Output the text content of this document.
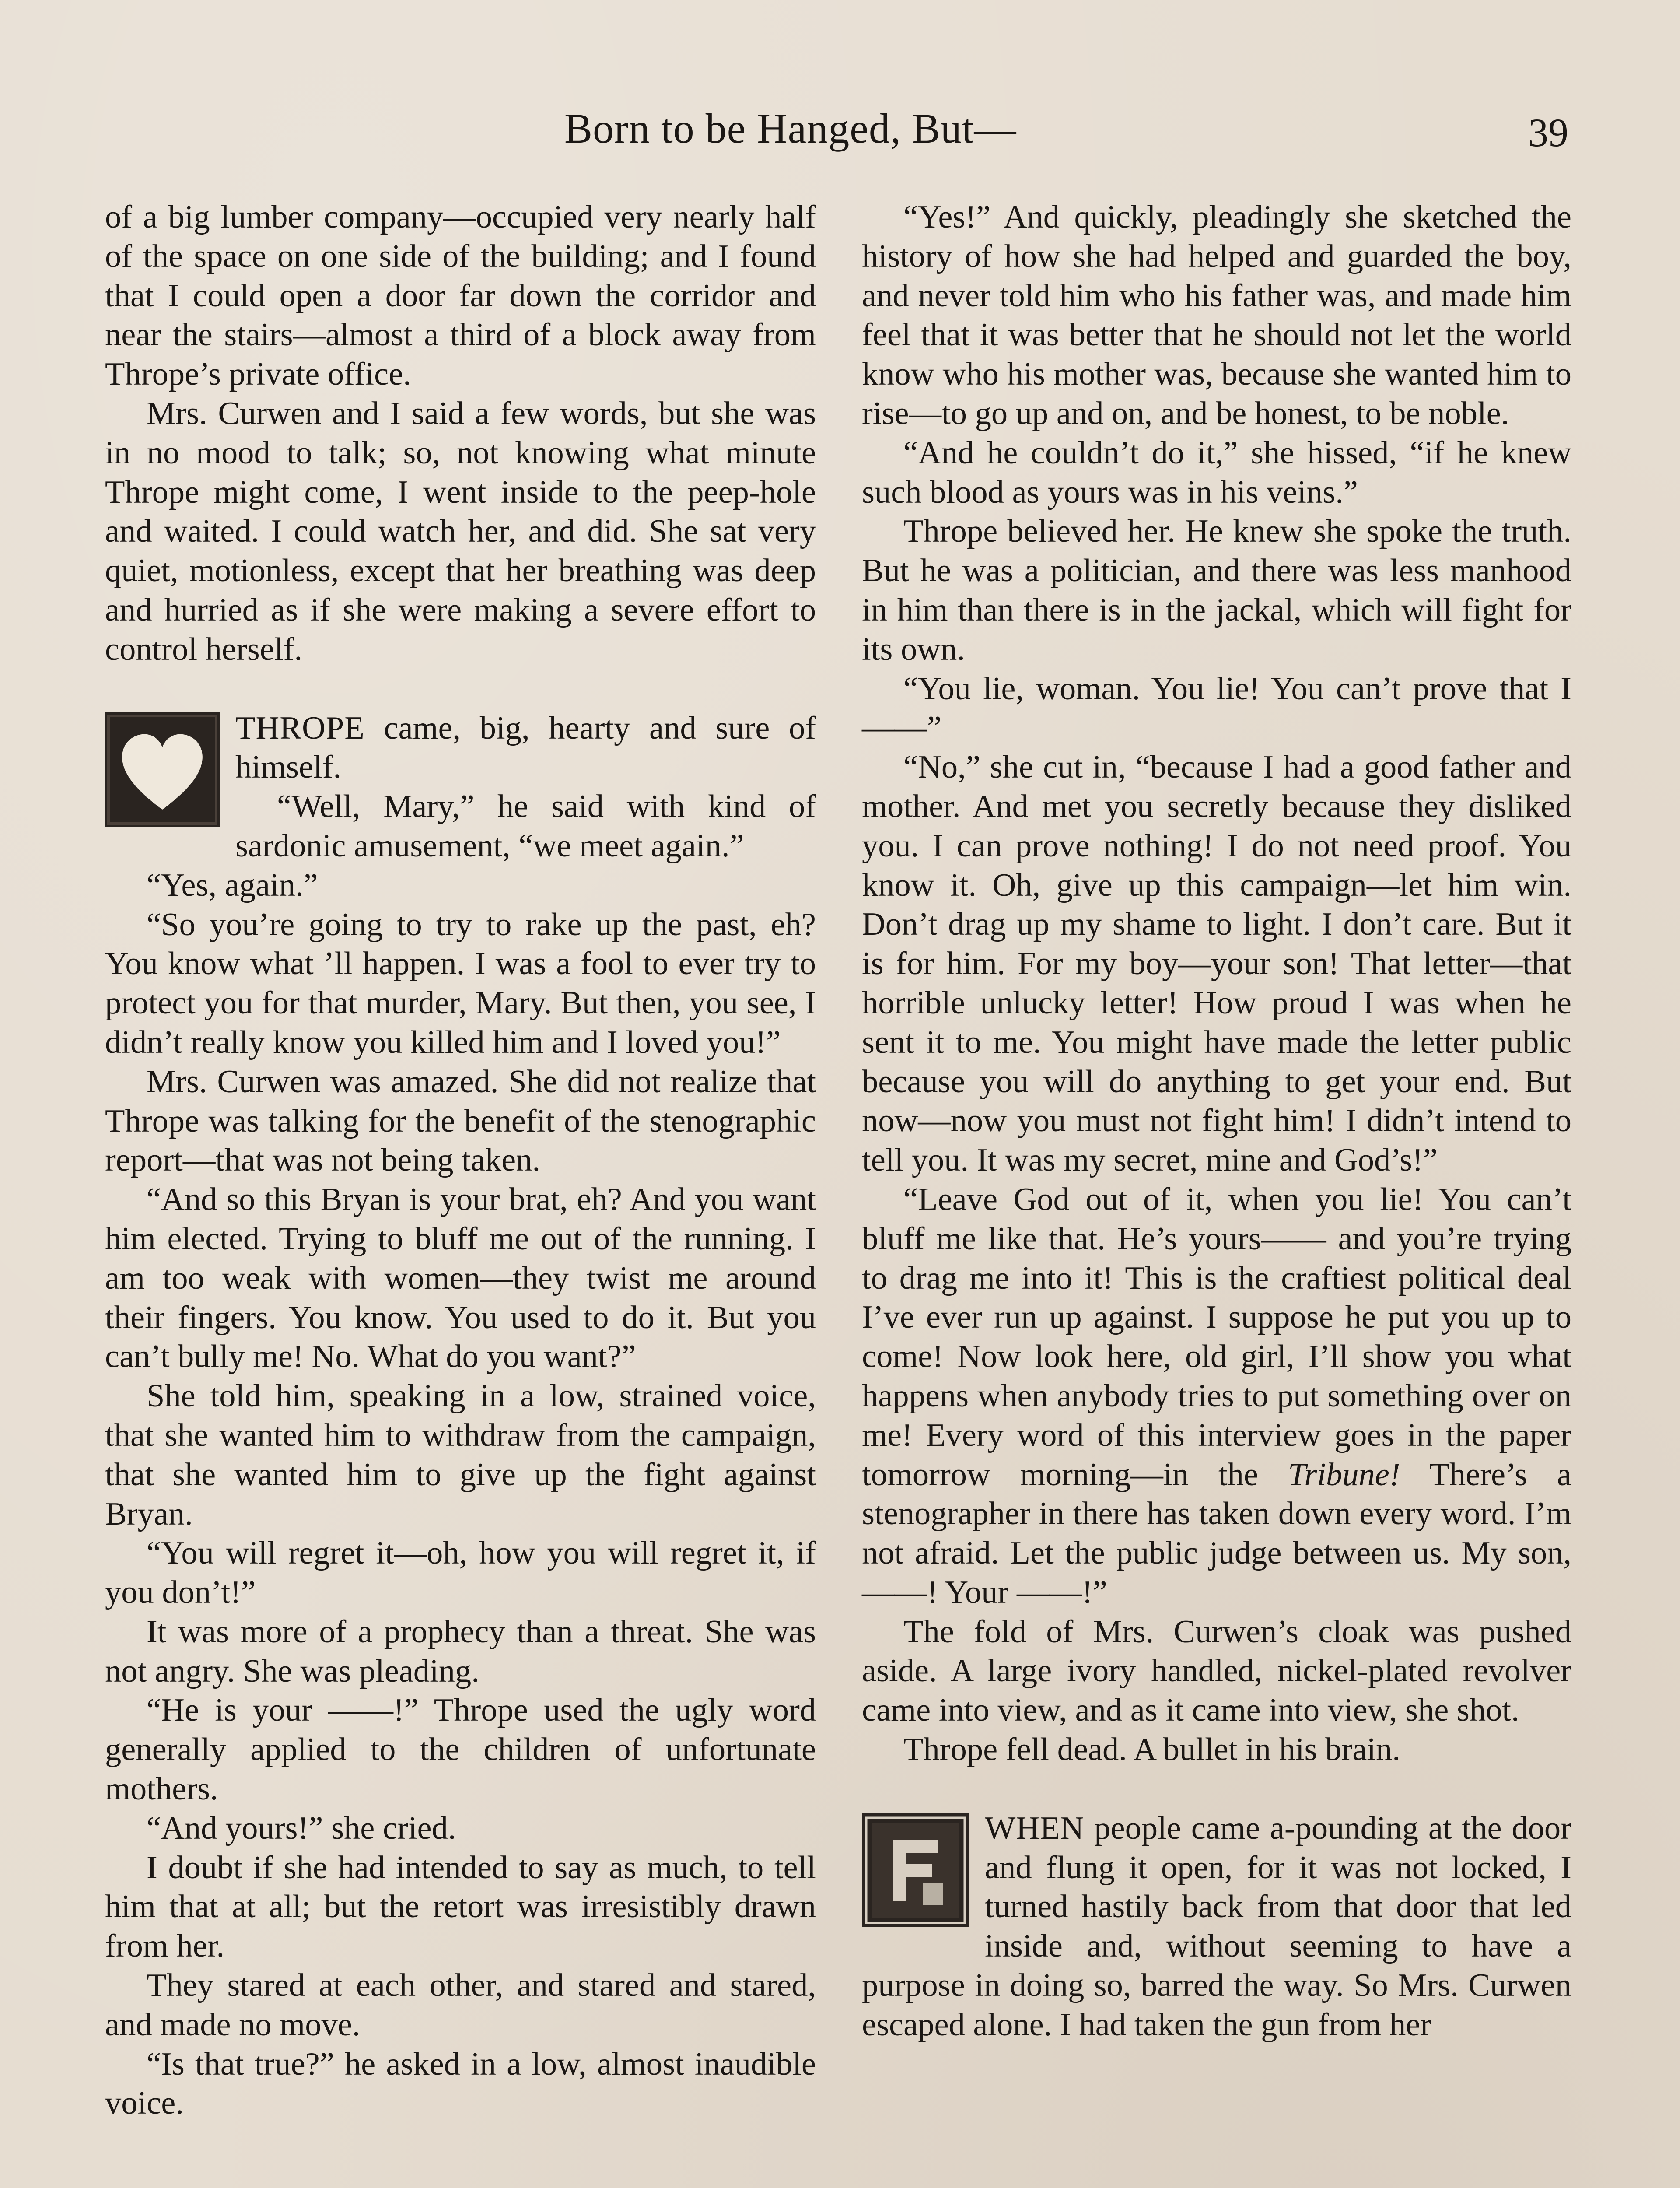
Born to be Hanged, But—	39

of a big lumber company—occupied very nearly half of the space on one side of the building; and I found that I could open a door far down the corridor and near the stairs—almost a third of a block away from Thrope’s private office.

Mrs. Curwen and I said a few words, but she was in no mood to talk; so, not knowing what minute Thrope might come, I went inside to the peep-hole and waited. I could watch her, and did. She sat very quiet, motionless, except that her breathing was deep and hurried as if she were making a severe effort to control herself.

THROPE came, big, hearty and sure of himself.

“Well, Mary,” he said with kind of sardonic amusement, “we meet again.”

“Yes, again.”

“So you’re going to try to rake up the past, eh? You know what ’ll happen. I was a fool to ever try to protect you for that murder, Mary. But then, you see, I didn’t really know you killed him and I loved you!”

Mrs. Curwen was amazed. She did not realize that Thrope was talking for the benefit of the stenographic report—that was not being taken.

“And so this Bryan is your brat, eh? And you want him elected. Trying to bluff me out of the running. I am too weak with women—they twist me around their fingers. You know. You used to do it. But you can’t bully me! No. What do you want?”

She told him, speaking in a low, strained voice, that she wanted him to withdraw from the campaign, that she wanted him to give up the fight against Bryan.

“You will regret it—oh, how you will regret it, if you don’t!”

It was more of a prophecy than a threat. She was not angry. She was pleading.

“He is your ——!” Thrope used the ugly word generally applied to the children of unfortunate mothers.

“And yours!” she cried.

I doubt if she had intended to say as much, to tell him that at all; but the retort was irresistibly drawn from her.

They stared at each other, and stared and stared, and made no move.

“Is that true?” he asked in a low, almost inaudible voice.

“Yes!” And quickly, pleadingly she sketched the history of how she had helped and guarded the boy, and never told him who his father was, and made him feel that it was better that he should not let the world know who his mother was, because she wanted him to rise—to go up and on, and be honest, to be noble.

“And he couldn’t do it,” she hissed, “if he knew such blood as yours was in his veins.”

Thrope believed her. He knew she spoke the truth. But he was a politician, and there was less manhood in him than there is in the jackal, which will fight for its own.

“You lie, woman. You lie! You can’t prove that I——”

“No,” she cut in, “because I had a good father and mother. And met you secretly because they disliked you. I can prove nothing! I do not need proof. You know it. Oh, give up this campaign—let him win. Don’t drag up my shame to light. I don’t care. But it is for him. For my boy—your son! That letter—that horrible unlucky letter! How proud I was when he sent it to me. You might have made the letter public because you will do anything to get your end. But now—now you must not fight him! I didn’t intend to tell you. It was my secret, mine and God’s!”

“Leave God out of it, when you lie! You can’t bluff me like that. He’s yours—— and you’re trying to drag me into it! This is the craftiest political deal I’ve ever run up against. I suppose he put you up to come! Now look here, old girl, I’ll show you what happens when anybody tries to put something over on me! Every word of this interview goes in the paper tomorrow morning—in the Tribune! There’s a stenographer in there has taken down every word. I’m not afraid. Let the public judge between us. My son,——! Your ——!”

The fold of Mrs. Curwen’s cloak was pushed aside. A large ivory handled, nickel-plated revolver came into view, and as it came into view, she shot.

Thrope fell dead. A bullet in his brain.

WHEN people came a-pounding at the door and flung it open, for it was not locked, I turned hastily back from that door that led inside and, without seeming to have a purpose in doing so, barred the way. So Mrs. Curwen escaped alone. I had taken the gun from her
